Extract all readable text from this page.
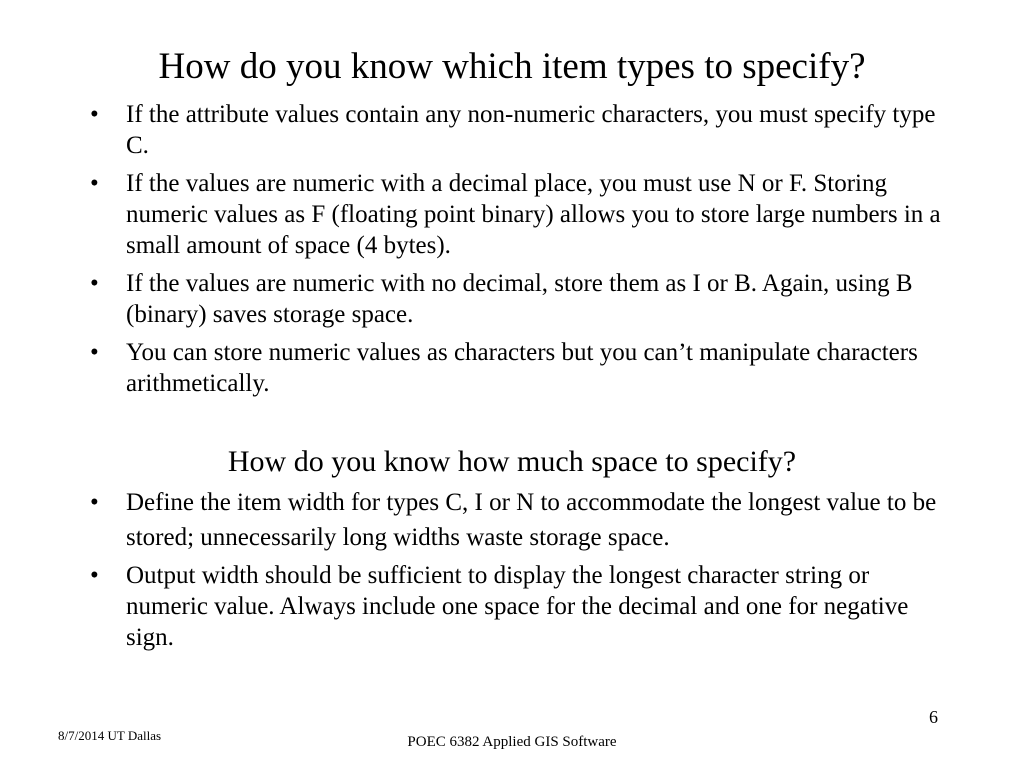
How do you know which item types to specify?
• If the attribute values contain any non-numeric characters, you must specify type C.
• If the values are numeric with a decimal place, you must use N or F. Storing numeric values as F (floating point binary) allows you to store large numbers in a small amount of space (4 bytes).
• If the values are numeric with no decimal, store them as I or B. Again, using B (binary) saves storage space.
• You can store numeric values as characters but you can’t manipulate characters arithmetically.
How do you know how much space to specify?
• Define the item width for types C, I or N to accommodate the longest value to be stored; unnecessarily long widths waste storage space.
• Output width should be sufficient to display the longest character string or numeric value. Always include one space for the decimal and one for negative sign.
6
8/7/2014 UT Dallas	POEC 6382 Applied GIS Software
